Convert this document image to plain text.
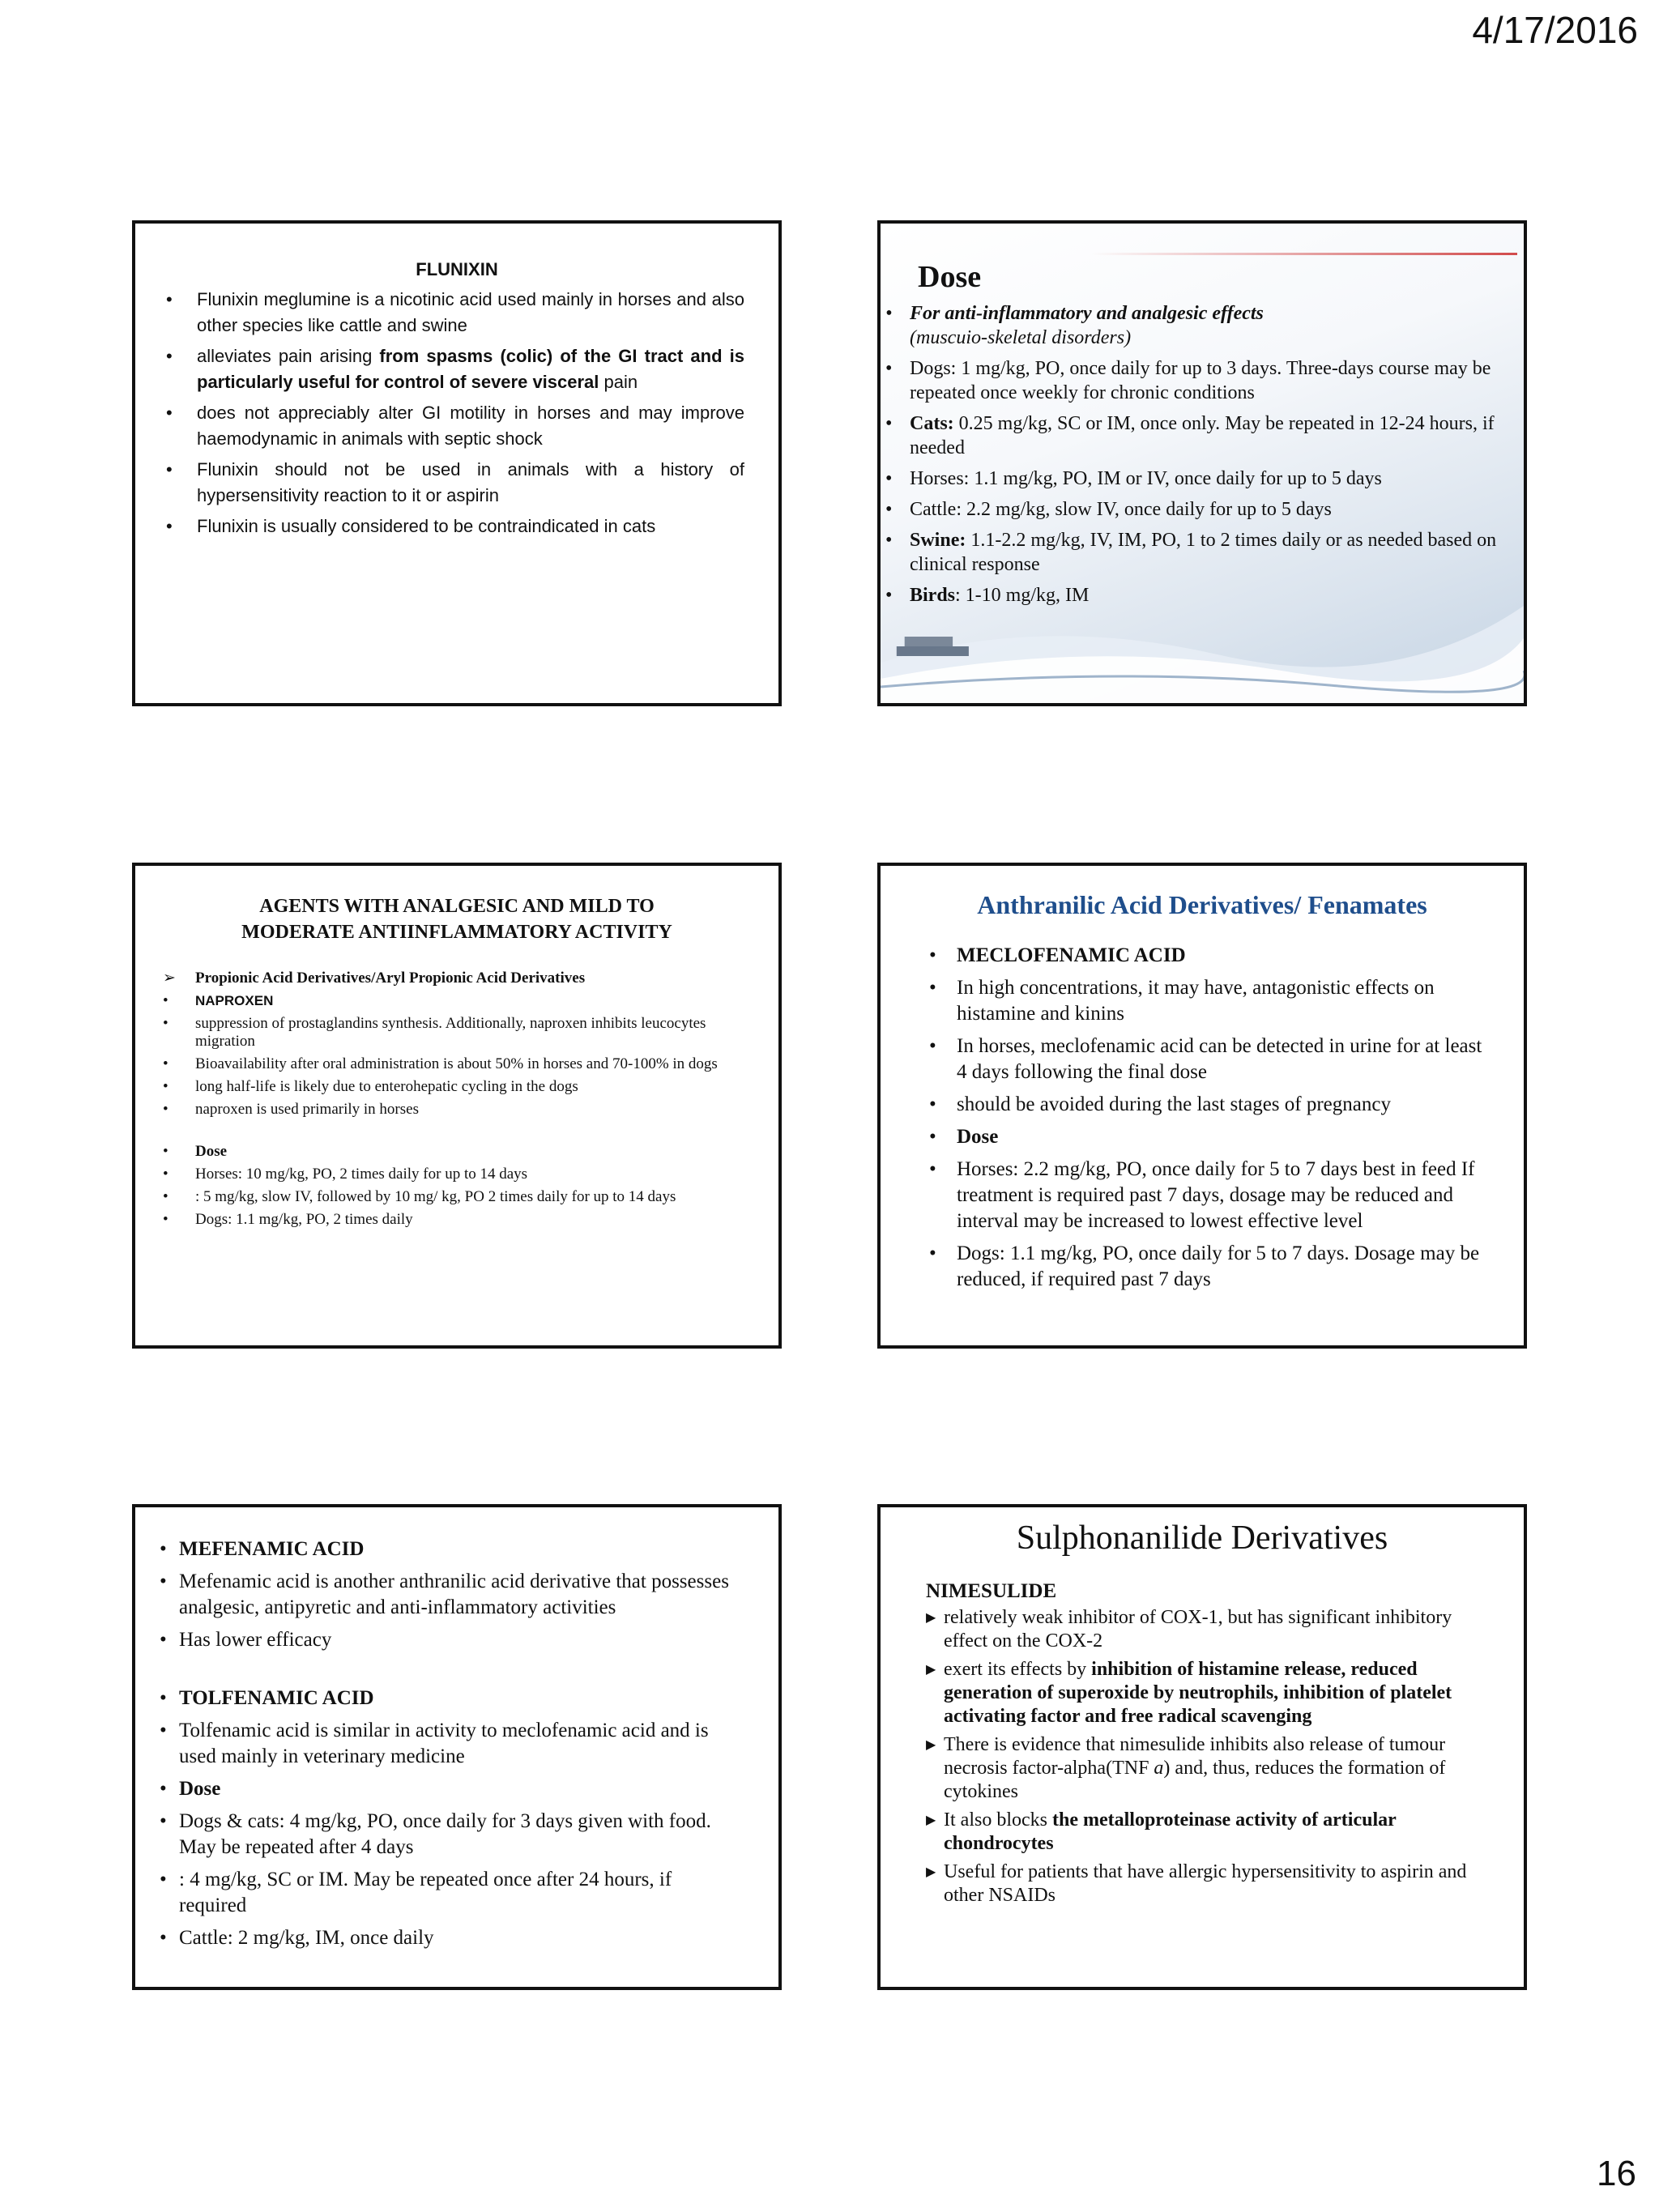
4/17/2016
FLUNIXIN
• Flunixin meglumine is a nicotinic acid used mainly in horses and also other species like cattle and swine
• alleviates pain arising from spasms (colic) of the GI tract and is particularly useful for control of severe visceral pain
• does not appreciably alter GI motility in horses and may improve haemodynamic in animals with septic shock
• Flunixin should not be used in animals with a history of hypersensitivity reaction to it or aspirin
• Flunixin is usually considered to be contraindicated in cats
Dose
• For anti-inflammatory and analgesic effects
(muscuio-skeletal disorders)
• Dogs: 1 mg/kg, PO, once daily for up to 3 days. Three-days course may be repeated once weekly for chronic conditions
• Cats: 0.25 mg/kg, SC or IM, once only. May be repeated in 12-24 hours, if needed
• Horses: 1.1 mg/kg, PO, IM or IV, once daily for up to 5 days
• Cattle: 2.2 mg/kg, slow IV, once daily for up to 5 days
• Swine: 1.1-2.2 mg/kg, IV, IM, PO, 1 to 2 times daily or as needed based on clinical response
• Birds: 1-10 mg/kg, IM
AGENTS WITH ANALGESIC AND MILD TO
MODERATE ANTIINFLAMMATORY ACTIVITY
➢ Propionic Acid Derivatives/Aryl Propionic Acid Derivatives
• NAPROXEN
• suppression of prostaglandins synthesis. Additionally, naproxen inhibits leucocytes migration
• Bioavailability after oral administration is about 50% in horses and 70-100% in dogs
• long half-life is likely due to enterohepatic cycling in the dogs
• naproxen is used primarily in horses
• Dose
• Horses: 10 mg/kg, PO, 2 times daily for up to 14 days
• : 5 mg/kg, slow IV, followed by 10 mg/ kg, PO 2 times daily for up to 14 days
• Dogs: 1.1 mg/kg, PO, 2 times daily
Anthranilic Acid Derivatives/ Fenamates
• MECLOFENAMIC ACID
• In high concentrations, it may have, antagonistic effects on histamine and kinins
• In horses, meclofenamic acid can be detected in urine for at least 4 days following the final dose
• should be avoided during the last stages of pregnancy
• Dose
• Horses: 2.2 mg/kg, PO, once daily for 5 to 7 days best in feed If treatment is required past 7 days, dosage may be reduced and interval may be increased to lowest effective level
• Dogs: 1.1 mg/kg, PO, once daily for 5 to 7 days. Dosage may be reduced, if required past 7 days
• MEFENAMIC ACID
• Mefenamic acid is another anthranilic acid derivative that possesses analgesic, antipyretic and anti-inflammatory activities
• Has lower efficacy
• TOLFENAMIC ACID
• Tolfenamic acid is similar in activity to meclofenamic acid and is used mainly in veterinary medicine
• Dose
• Dogs & cats: 4 mg/kg, PO, once daily for 3 days given with food. May be repeated after 4 days
• : 4 mg/kg, SC or IM. May be repeated once after 24 hours, if required
• Cattle: 2 mg/kg, IM, once daily
Sulphonanilide Derivatives
NIMESULIDE
▶ relatively weak inhibitor of COX-1, but has significant inhibitory effect on the COX-2
▶ exert its effects by inhibition of histamine release, reduced generation of superoxide by neutrophils, inhibition of platelet activating factor and free radical scavenging
▶ There is evidence that nimesulide inhibits also release of tumour necrosis factor-alpha(TNF a) and, thus, reduces the formation of cytokines
▶ It also blocks the metalloproteinase activity of articular chondrocytes
▶ Useful for patients that have allergic hypersensitivity to aspirin and other NSAIDs
16
